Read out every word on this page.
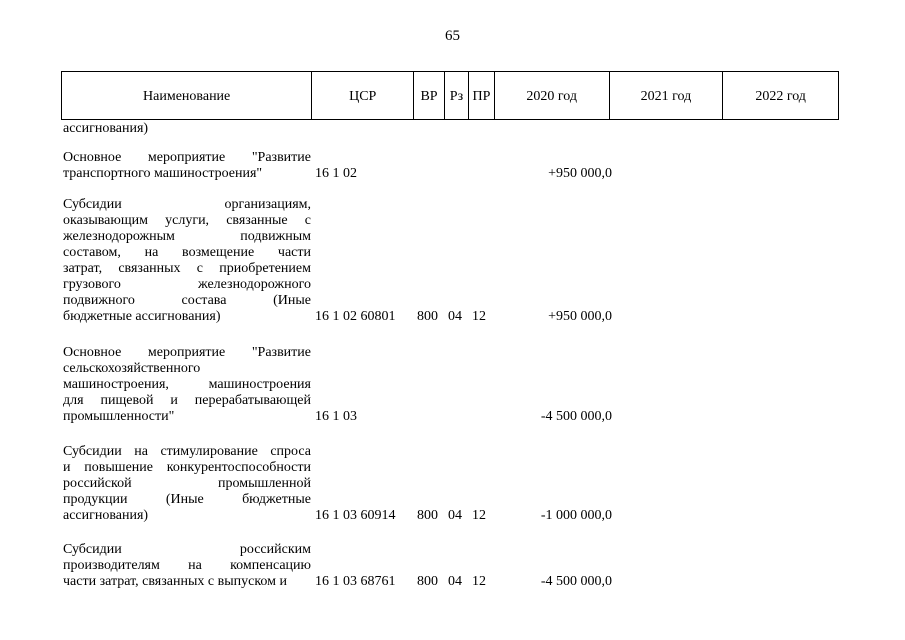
65
Наименование	ЦСР	ВР Рз ПР	2020 год	2021 год	2022 год
ассигнования)
Основное мероприятие "Развитие
транспортного машиностроения"	16 1 02	+950 000,0
Субсидии организациям,
оказывающим услуги, связанные с
железнодорожным подвижным
составом, на возмещение части
затрат, связанных с приобретением
грузового железнодорожного
подвижного состава (Иные
бюджетные ассигнования)	16 1 02 60801 800 04 12	+950 000,0
Основное мероприятие "Развитие
сельскохозяйственного
машиностроения, машиностроения
для пищевой и перерабатывающей
промышленности"	16 1 03	-4 500 000,0
Субсидии на стимулирование спроса
и повышение конкурентоспособности
российской промышленной
продукции (Иные бюджетные
ассигнования)	16 1 03 60914 800 04 12	-1 000 000,0
Субсидии российским
производителям на компенсацию
части затрат, связанных с выпуском и	16 1 03 68761 800 04 12	-4 500 000,0
